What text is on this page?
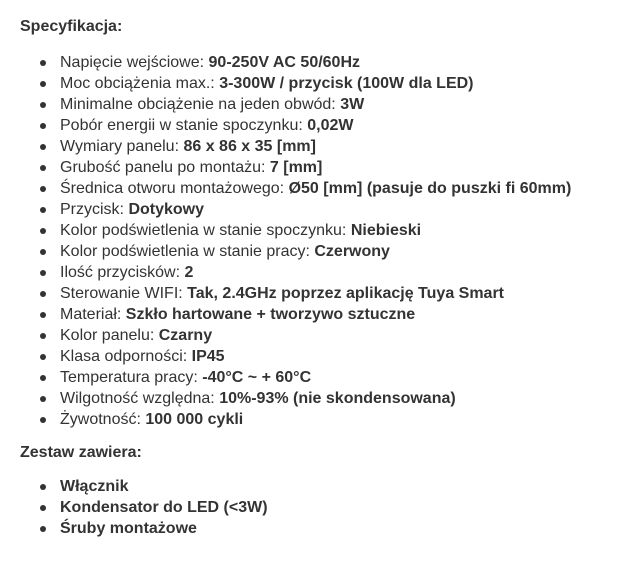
Specyfikacja:
Napięcie wejściowe: 90-250V AC 50/60Hz
Moc obciążenia max.: 3-300W / przycisk (100W dla LED)
Minimalne obciążenie na jeden obwód: 3W
Pobór energii w stanie spoczynku: 0,02W
Wymiary panelu: 86 x 86 x 35 [mm]
Grubość panelu po montażu: 7 [mm]
Średnica otworu montażowego: Ø50 [mm] (pasuje do puszki fi 60mm)
Przycisk: Dotykowy
Kolor podświetlenia w stanie spoczynku: Niebieski
Kolor podświetlenia w stanie pracy: Czerwony
Ilość przycisków: 2
Sterowanie WIFI: Tak, 2.4GHz poprzez aplikację Tuya Smart
Materiał: Szkło hartowane + tworzywo sztuczne
Kolor panelu: Czarny
Klasa odporności: IP45
Temperatura pracy: -40°C ~ + 60°C
Wilgotność względna: 10%-93% (nie skondensowana)
Żywotność: 100 000 cykli
Zestaw zawiera:
Włącznik
Kondensator do LED (<3W)
Śruby montażowe
